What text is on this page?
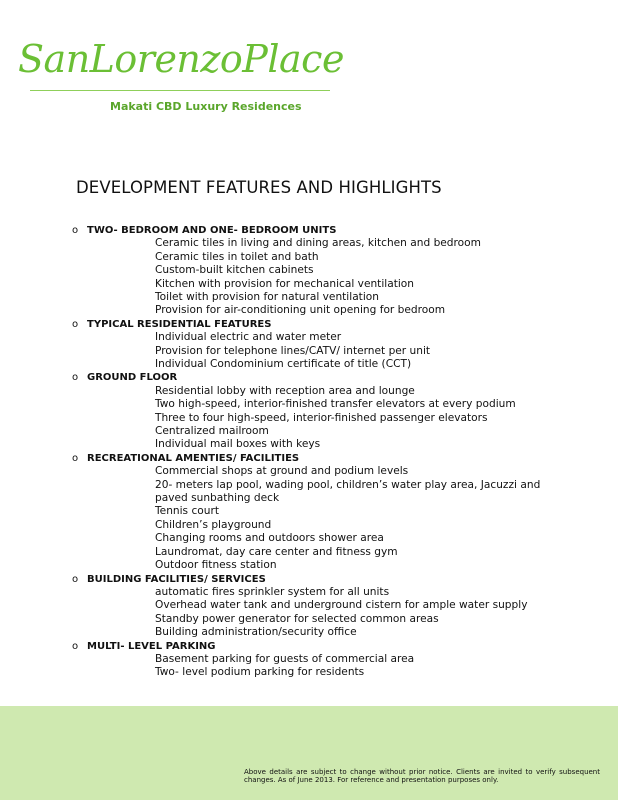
SanLorenzoPlace
Makati CBD Luxury Residences
DEVELOPMENT FEATURES AND HIGHLIGHTS
o TWO- BEDROOM AND ONE- BEDROOM UNITS
Ceramic tiles in living and dining areas, kitchen and bedroom
Ceramic tiles in toilet and bath
Custom-built kitchen cabinets
Kitchen with provision for mechanical ventilation
Toilet with provision for natural ventilation
Provision for air-conditioning unit opening for bedroom
o TYPICAL RESIDENTIAL FEATURES
Individual electric and water meter
Provision for telephone lines/CATV/ internet per unit
Individual Condominium certificate of title (CCT)
o GROUND FLOOR
Residential lobby with reception area and lounge
Two high-speed, interior-finished transfer elevators at every podium
Three to four high-speed, interior-finished passenger elevators
Centralized mailroom
Individual mail boxes with keys
o RECREATIONAL AMENTIES/ FACILITIES
Commercial shops at ground and podium levels
20- meters lap pool, wading pool, children’s water play area, Jacuzzi and paved sunbathing deck
Tennis court
Children’s playground
Changing rooms and outdoors shower area
Laundromat, day care center and fitness gym
Outdoor fitness station
o BUILDING FACILITIES/ SERVICES
automatic fires sprinkler system for all units
Overhead water tank and underground cistern for ample water supply
Standby power generator for selected common areas
Building administration/security office
o MULTI- LEVEL PARKING
Basement parking for guests of commercial area
Two- level podium parking for residents
Above details are subject to change without prior notice. Clients are invited to verify subsequent changes. As of June 2013. For reference and presentation purposes only.
